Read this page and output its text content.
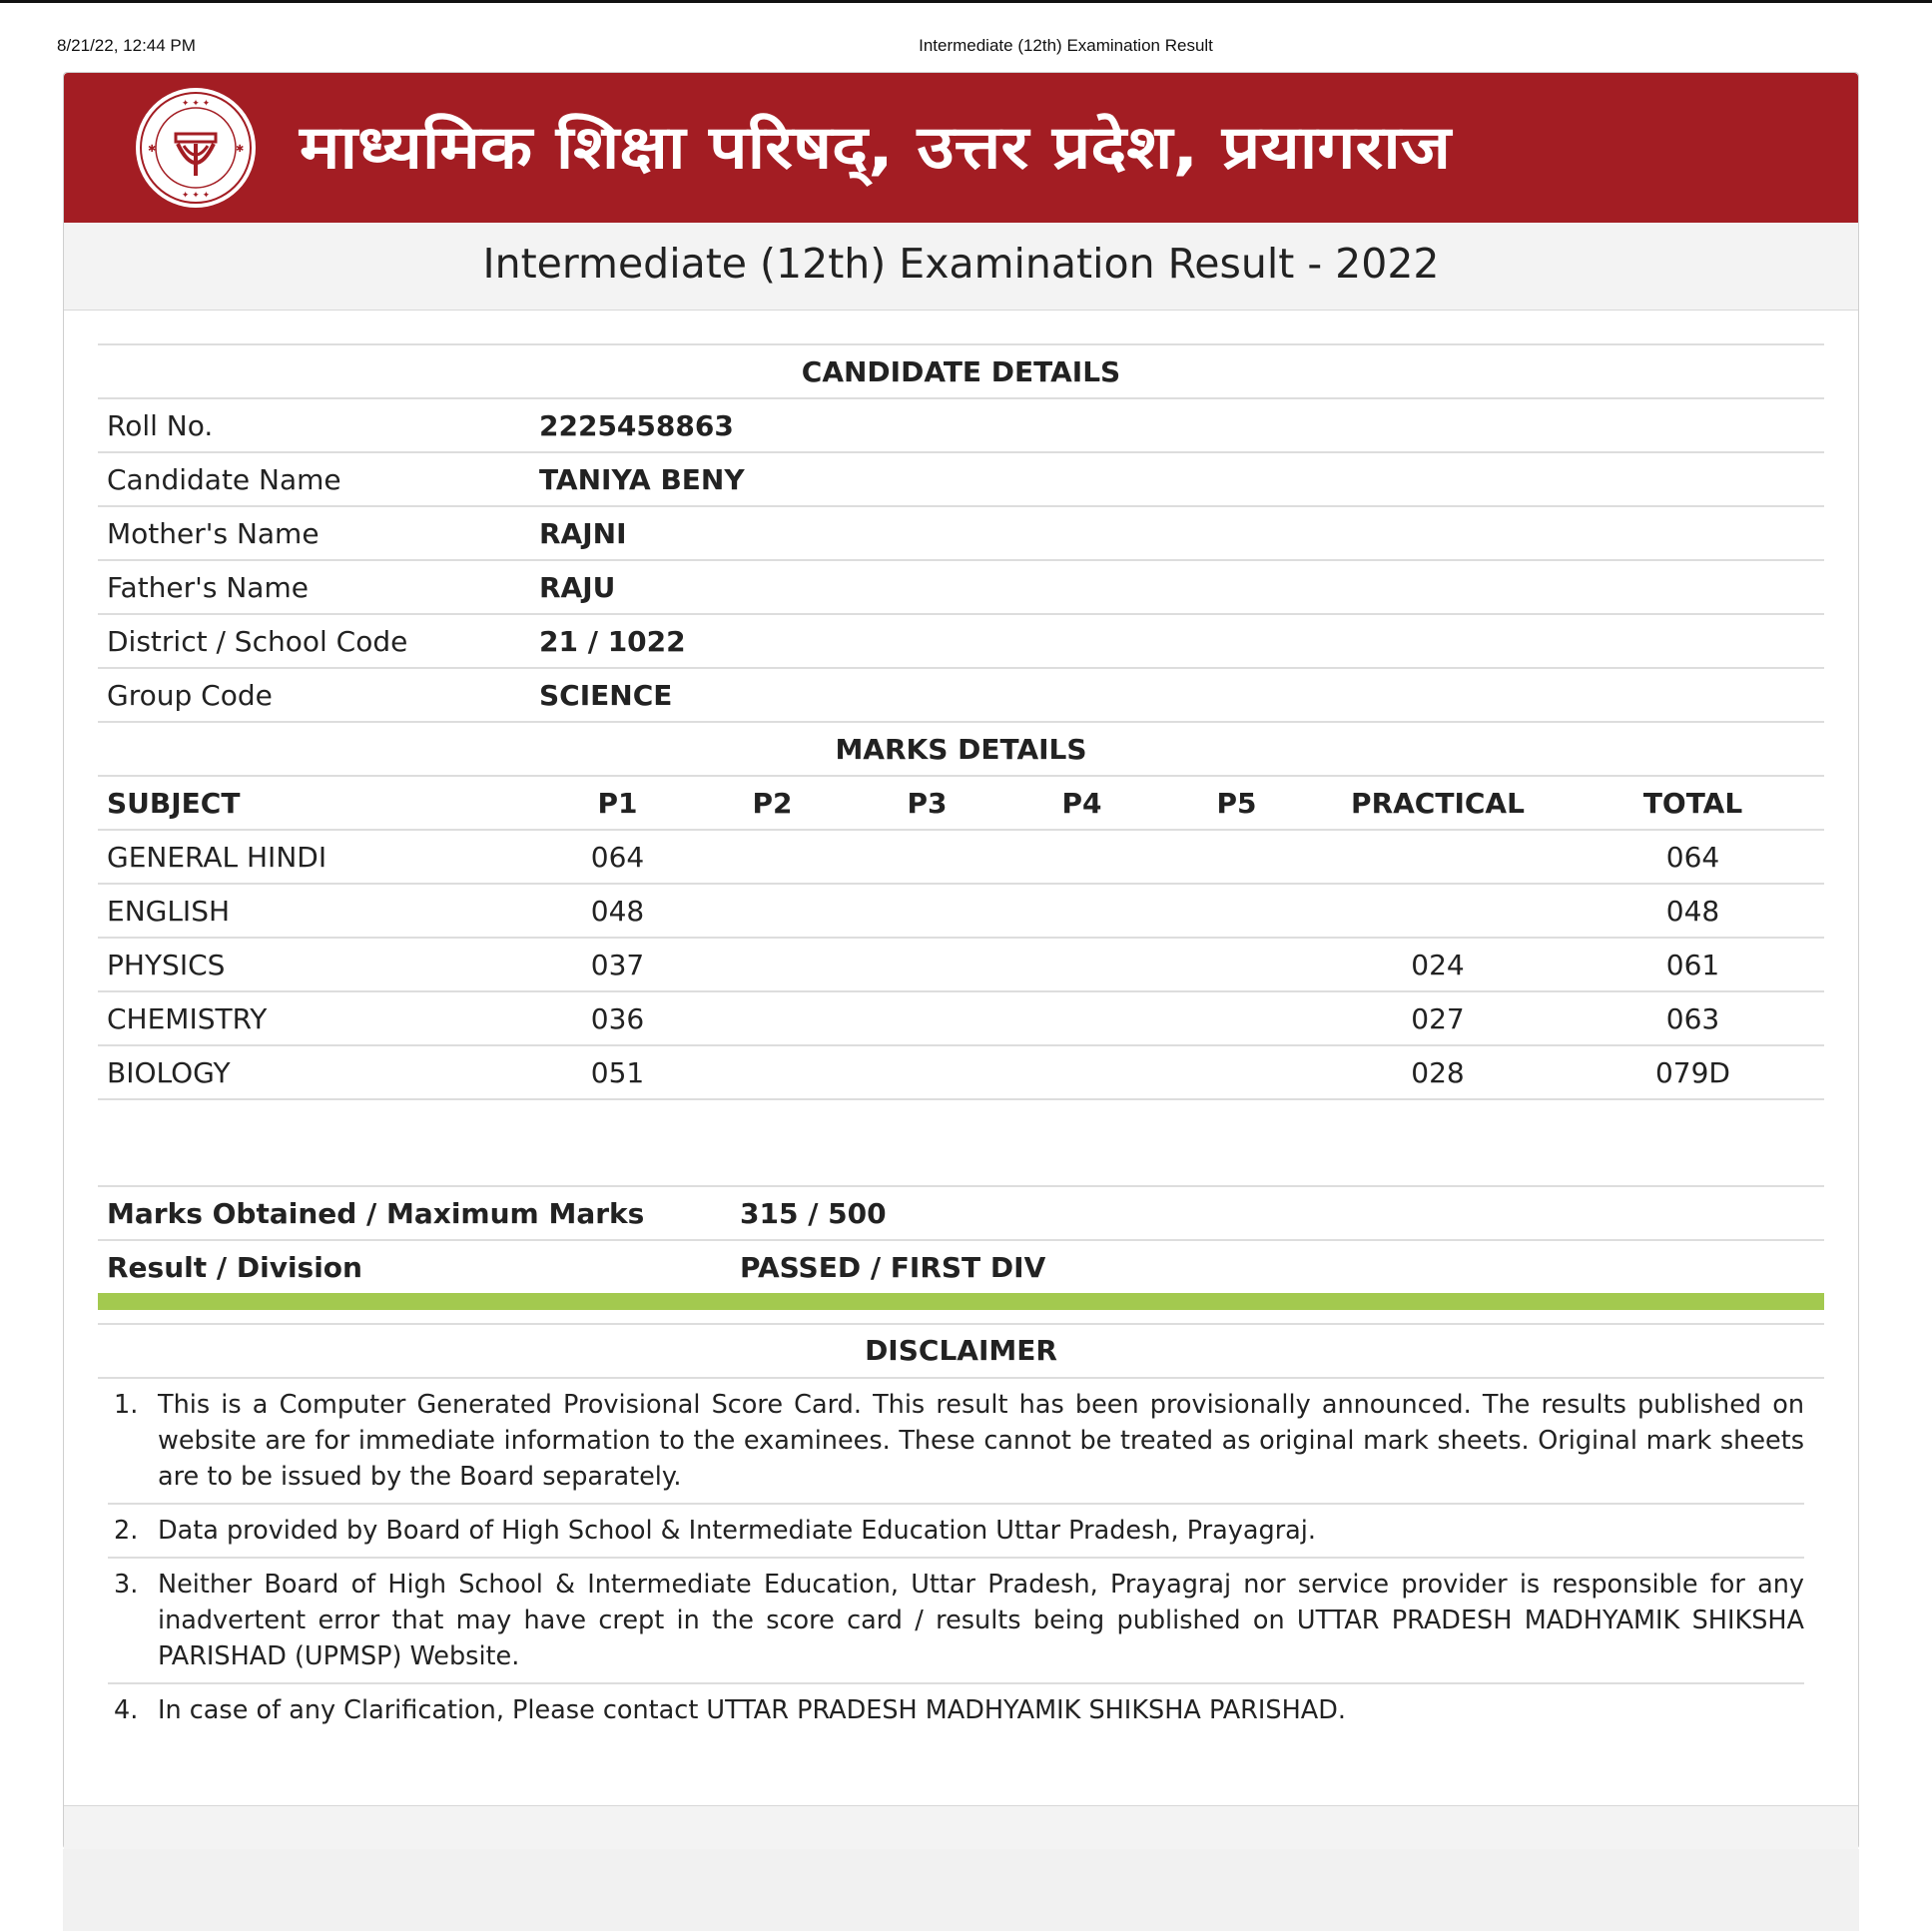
8/21/22, 12:44 PM	Intermediate (12th) Examination Result
✦ ✦ ✦
✦ ✦ ✦
✱	✱ माध्यमिक शिक्षा परिषद्, उत्तर प्रदेश, प्रयागराज
Intermediate (12th) Examination Result - 2022
CANDIDATE DETAILS	
Roll No.	2225458863
Candidate Name	TANIYA BENY
Mother's Name	RAJNI
Father's Name	RAJU
District / School Code	21 / 1022
Group Code	SCIENCE
MARKS DETAILS							
SUBJECT	P1	P2	P3	P4	P5	PRACTICAL	TOTAL
GENERAL HINDI	064						064
ENGLISH	048						048
PHYSICS	037					024	061
CHEMISTRY	036					027	063
BIOLOGY	051					028	079D

Marks Obtained / Maximum Marks	315 / 500
Result / Division	PASSED / FIRST DIV
DISCLAIMER
1. This is a Computer Generated Provisional Score Card. This result has been provisionally announced. The results published on website are for immediate information to the examinees. These cannot be treated as original mark sheets. Original mark sheets are to be issued by the Board separately.
2. Data provided by Board of High School & Intermediate Education Uttar Pradesh, Prayagraj.
3. Neither Board of High School & Intermediate Education, Uttar Pradesh, Prayagraj nor service provider is responsible for any inadvertent error that may have crept in the score card / results being published on UTTAR PRADESH MADHYAMIK SHIKSHA PARISHAD (UPMSP) Website.
4. In case of any Clarification, Please contact UTTAR PRADESH MADHYAMIK SHIKSHA PARISHAD.
